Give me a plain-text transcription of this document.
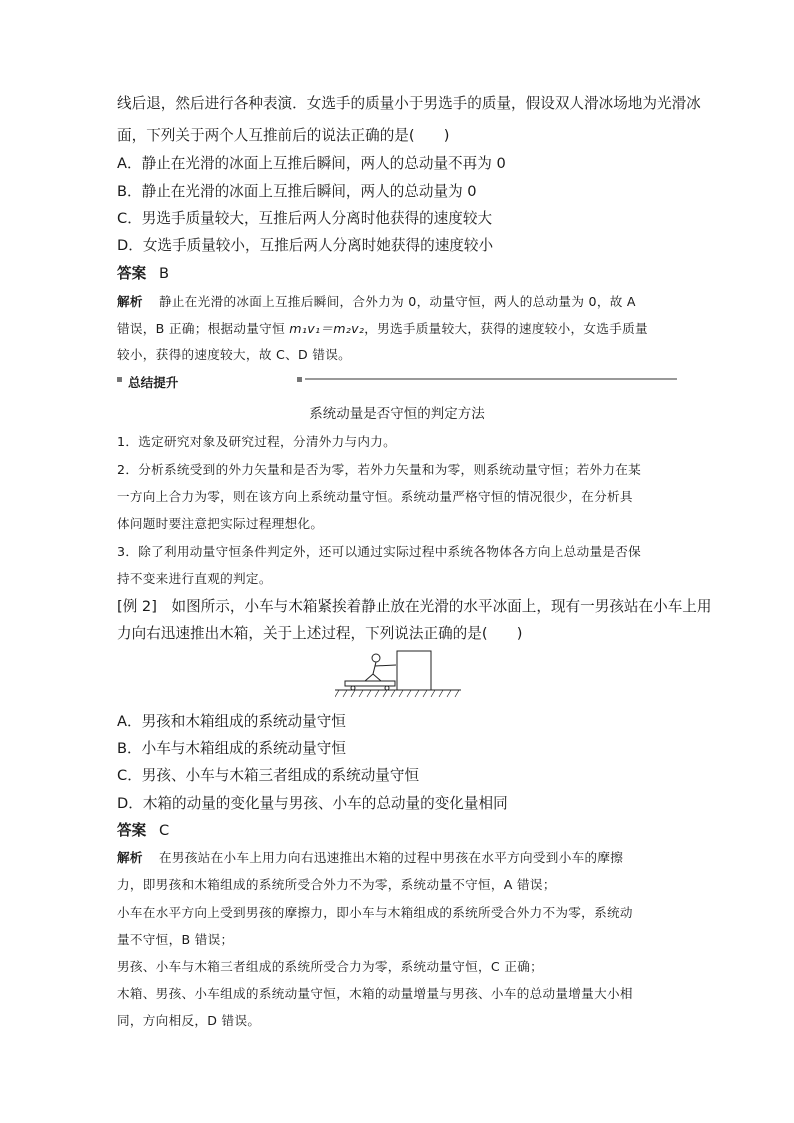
线后退，然后进行各种表演．女选手的质量小于男选手的质量，假设双人滑冰场地为光滑冰
面，下列关于两个人互推前后的说法正确的是(　　)
A．静止在光滑的冰面上互推后瞬间，两人的总动量不再为 0
B．静止在光滑的冰面上互推后瞬间，两人的总动量为 0
C．男选手质量较大，互推后两人分离时他获得的速度较大
D．女选手质量较小，互推后两人分离时她获得的速度较小
答案 B
解析 静止在光滑的冰面上互推后瞬间，合外力为 0，动量守恒，两人的总动量为 0，故 A
错误，B 正确；根据动量守恒 m₁v₁＝m₂v₂，男选手质量较大，获得的速度较小，女选手质量
较小，获得的速度较大，故 C、D 错误。
总结提升
系统动量是否守恒的判定方法
1．选定研究对象及研究过程，分清外力与内力。
2．分析系统受到的外力矢量和是否为零，若外力矢量和为零，则系统动量守恒；若外力在某
一方向上合力为零，则在该方向上系统动量守恒。系统动量严格守恒的情况很少，在分析具
体问题时要注意把实际过程理想化。
3．除了利用动量守恒条件判定外，还可以通过实际过程中系统各物体各方向上总动量是否保
持不变来进行直观的判定。
[例 2]　如图所示，小车与木箱紧挨着静止放在光滑的水平冰面上，现有一男孩站在小车上用
力向右迅速推出木箱，关于上述过程，下列说法正确的是(　　)
A．男孩和木箱组成的系统动量守恒
B．小车与木箱组成的系统动量守恒
C．男孩、小车与木箱三者组成的系统动量守恒
D．木箱的动量的变化量与男孩、小车的总动量的变化量相同
答案 C
解析 在男孩站在小车上用力向右迅速推出木箱的过程中男孩在水平方向受到小车的摩擦
力，即男孩和木箱组成的系统所受合外力不为零，系统动量不守恒，A 错误；
小车在水平方向上受到男孩的摩擦力，即小车与木箱组成的系统所受合外力不为零，系统动
量不守恒，B 错误；
男孩、小车与木箱三者组成的系统所受合力为零，系统动量守恒，C 正确；
木箱、男孩、小车组成的系统动量守恒，木箱的动量增量与男孩、小车的总动量增量大小相
同，方向相反，D 错误。
